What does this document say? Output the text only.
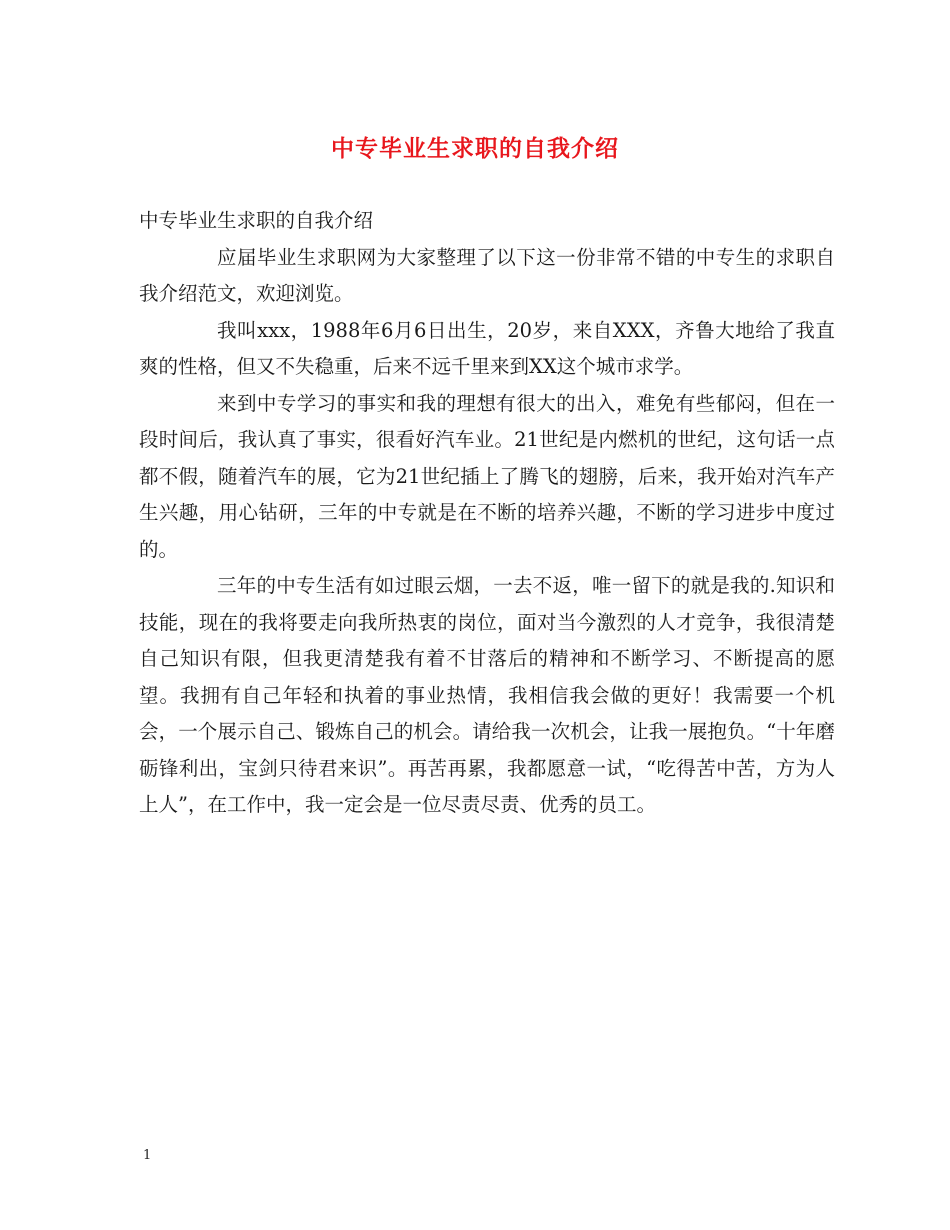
中专毕业生求职的自我介绍

中专毕业生求职的自我介绍

应届毕业生求职网为大家整理了以下这一份非常不错的中专生的求职自我介绍范文，欢迎浏览。

我叫xxx，1988年6月6日出生，20岁，来自XXX，齐鲁大地给了我直爽的性格，但又不失稳重，后来不远千里来到XX这个城市求学。

来到中专学习的事实和我的理想有很大的出入，难免有些郁闷，但在一段时间后，我认真了事实，很看好汽车业。21世纪是内燃机的世纪，这句话一点都不假，随着汽车的展，它为21世纪插上了腾飞的翅膀，后来，我开始对汽车产生兴趣，用心钻研，三年的中专就是在不断的培养兴趣，不断的学习进步中度过的。

三年的中专生活有如过眼云烟，一去不返，唯一留下的就是我的.知识和技能，现在的我将要走向我所热衷的岗位，面对当今激烈的人才竞争，我很清楚自己知识有限，但我更清楚我有着不甘落后的精神和不断学习、不断提高的愿望。我拥有自己年轻和执着的事业热情，我相信我会做的更好！我需要一个机会，一个展示自己、锻炼自己的机会。请给我一次机会，让我一展抱负。“十年磨砺锋利出，宝剑只待君来识”。再苦再累，我都愿意一试，“吃得苦中苦，方为人上人”，在工作中，我一定会是一位尽责尽责、优秀的员工。

1
